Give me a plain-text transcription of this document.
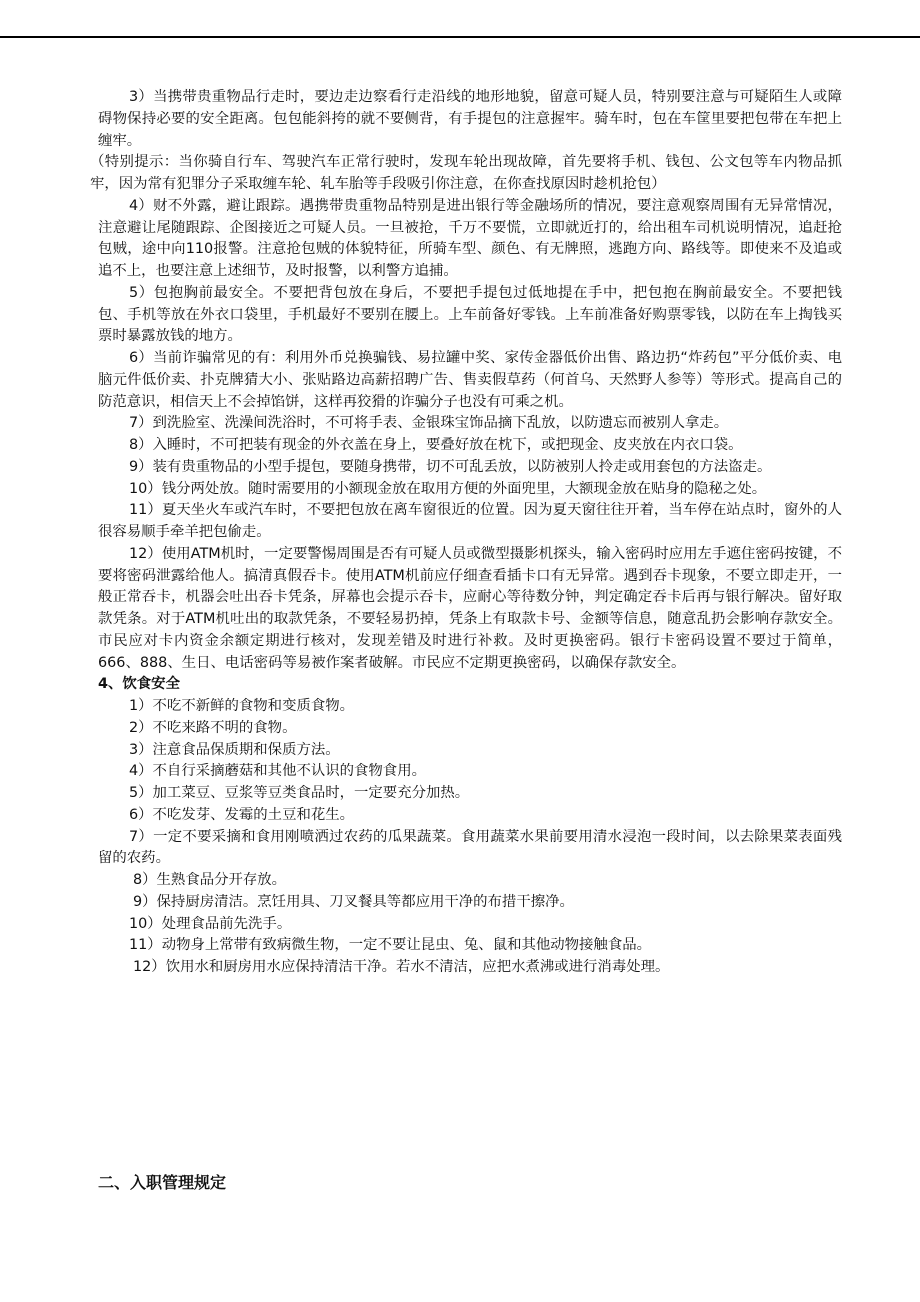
3）当携带贵重物品行走时，要边走边察看行走沿线的地形地貌，留意可疑人员，特别要注意与可疑陌生人或障碍物保持必要的安全距离。包包能斜挎的就不要侧背，有手提包的注意握牢。骑车时，包在车筐里要把包带在车把上缠牢。

（特别提示：当你骑自行车、驾驶汽车正常行驶时，发现车轮出现故障，首先要将手机、钱包、公文包等车内物品抓牢，因为常有犯罪分子采取缠车轮、轧车胎等手段吸引你注意，在你查找原因时趁机抢包）

4）财不外露，避让跟踪。遇携带贵重物品特别是进出银行等金融场所的情况，要注意观察周围有无异常情况，注意避让尾随跟踪、企图接近之可疑人员。一旦被抢，千万不要慌，立即就近打的，给出租车司机说明情况，追赶抢包贼，途中向110报警。注意抢包贼的体貌特征，所骑车型、颜色、有无牌照，逃跑方向、路线等。即使来不及追或追不上，也要注意上述细节，及时报警，以利警方追捕。

5）包抱胸前最安全。不要把背包放在身后，不要把手提包过低地提在手中，把包抱在胸前最安全。不要把钱包、手机等放在外衣口袋里，手机最好不要别在腰上。上车前备好零钱。上车前准备好购票零钱，以防在车上掏钱买票时暴露放钱的地方。

6）当前诈骗常见的有：利用外币兑换骗钱、易拉罐中奖、家传金器低价出售、路边扔“炸药包”平分低价卖、电脑元件低价卖、扑克牌猜大小、张贴路边高薪招聘广告、售卖假草药（何首乌、天然野人参等）等形式。提高自己的防范意识，相信天上不会掉馅饼，这样再狡猾的诈骗分子也没有可乘之机。

7）到洗脸室、洗澡间洗浴时，不可将手表、金银珠宝饰品摘下乱放，以防遗忘而被别人拿走。

8）入睡时，不可把装有现金的外衣盖在身上，要叠好放在枕下，或把现金、皮夹放在内衣口袋。

9）装有贵重物品的小型手提包，要随身携带，切不可乱丢放，以防被别人拎走或用套包的方法盗走。

10）钱分两处放。随时需要用的小额现金放在取用方便的外面兜里，大额现金放在贴身的隐秘之处。

11）夏天坐火车或汽车时，不要把包放在离车窗很近的位置。因为夏天窗往往开着，当车停在站点时，窗外的人很容易顺手牵羊把包偷走。

12）使用ATM机时，一定要警惕周围是否有可疑人员或微型摄影机探头，输入密码时应用左手遮住密码按键，不要将密码泄露给他人。搞清真假吞卡。使用ATM机前应仔细查看插卡口有无异常。遇到吞卡现象，不要立即走开，一般正常吞卡，机器会吐出吞卡凭条，屏幕也会提示吞卡，应耐心等待数分钟，判定确定吞卡后再与银行解决。留好取款凭条。对于ATM机吐出的取款凭条，不要轻易扔掉，凭条上有取款卡号、金额等信息，随意乱扔会影响存款安全。市民应对卡内资金余额定期进行核对，发现差错及时进行补救。及时更换密码。银行卡密码设置不要过于简单，666、888、生日、电话密码等易被作案者破解。市民应不定期更换密码，以确保存款安全。

4、饮食安全

1）不吃不新鲜的食物和变质食物。

2）不吃来路不明的食物。

3）注意食品保质期和保质方法。

4）不自行采摘蘑菇和其他不认识的食物食用。

5）加工菜豆、豆浆等豆类食品时，一定要充分加热。

6）不吃发芽、发霉的土豆和花生。

7）一定不要采摘和食用刚喷洒过农药的瓜果蔬菜。食用蔬菜水果前要用清水浸泡一段时间，以去除果菜表面残留的农药。

8）生熟食品分开存放。

9）保持厨房清洁。烹饪用具、刀叉餐具等都应用干净的布措干擦净。

10）处理食品前先洗手。

11）动物身上常带有致病微生物，一定不要让昆虫、兔、鼠和其他动物接触食品。

12）饮用水和厨房用水应保持清洁干净。若水不清洁，应把水煮沸或进行消毒处理。

二、入职管理规定
